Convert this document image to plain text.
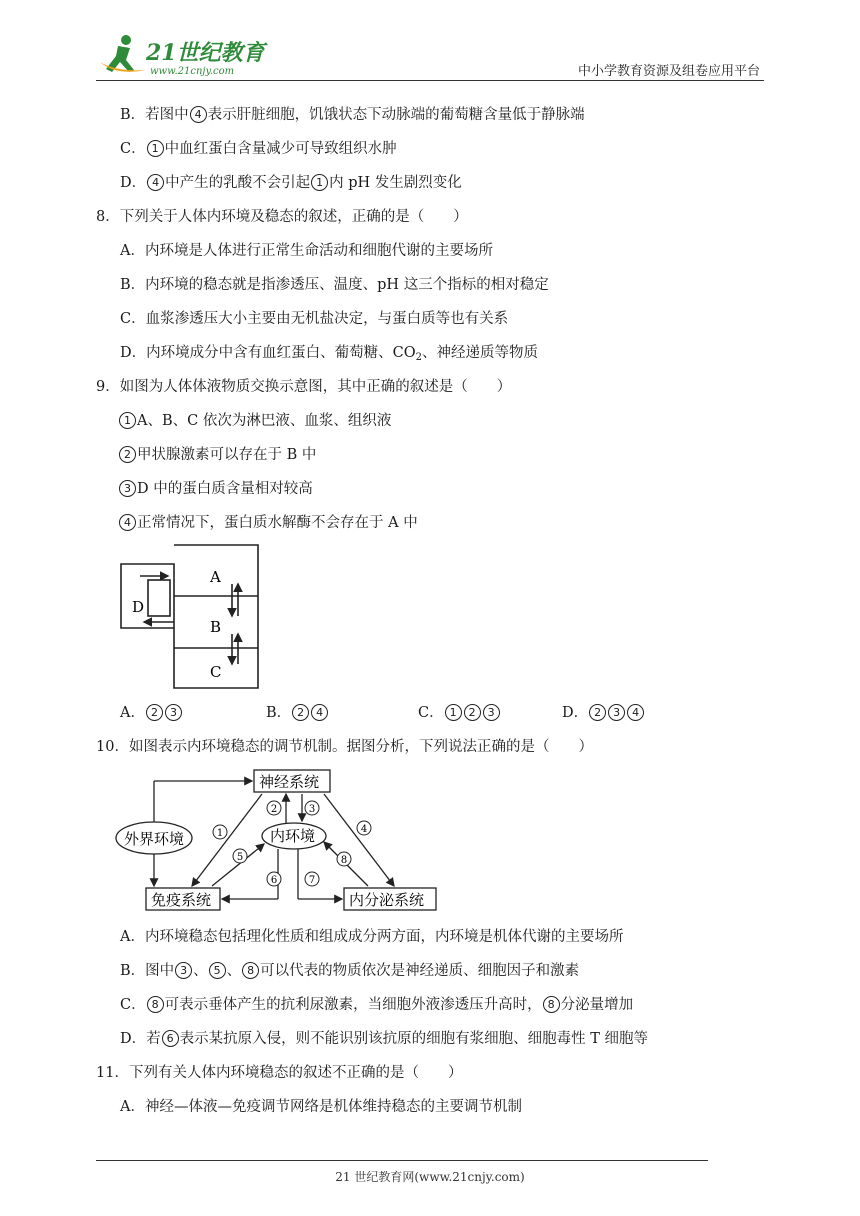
21世纪教育
www.21cnjy.com	中小学教育资源及组卷应用平台
B．若图中 4 表示肝脏细胞，饥饿状态下动脉端的葡萄糖含量低于静脉端
C． 1 中血红蛋白含量减少可导致组织水肿
D． 4 中产生的乳酸不会引起 1 内 pH 发生剧烈变化
8．下列关于人体内环境及稳态的叙述，正确的是（　　）
A．内环境是人体进行正常生命活动和细胞代谢的主要场所
B．内环境的稳态就是指渗透压、温度、pH 这三个指标的相对稳定
C．血浆渗透压大小主要由无机盐决定，与蛋白质等也有关系
D．内环境成分中含有血红蛋白、葡萄糖、$CO_2$、神经递质等物质
9．如图为人体体液物质交换示意图，其中正确的叙述是（　　）
1 A、B、C 依次为淋巴液、血浆、组织液
2 甲状腺激素可以存在于 B 中
3 D 中的蛋白质含量相对较高
4 正常情况下，蛋白质水解酶不会存在于 A 中
A
B
C
D
A． 2 3	B． 2 4	C． 1 2 3	D． 2 3 4
10．如图表示内环境稳态的调节机制。据图分析，下列说法正确的是（　　）
神经系统
外界环境	内环境
免疫系统	内分泌系统
1
2	3
4
5
6	7
8
A．内环境稳态包括理化性质和组成成分两方面，内环境是机体代谢的主要场所
B．图中 3 、 5 、 8 可以代表的物质依次是神经递质、细胞因子和激素
C． 8 可表示垂体产生的抗利尿激素，当细胞外液渗透压升高时， 8 分泌量增加
D．若 6 表示某抗原入侵，则不能识别该抗原的细胞有浆细胞、细胞毒性 T 细胞等
11．下列有关人体内环境稳态的叙述不正确的是（　　）
A．神经—体液—免疫调节网络是机体维持稳态的主要调节机制
21 世纪教育网(www.21cnjy.com)
